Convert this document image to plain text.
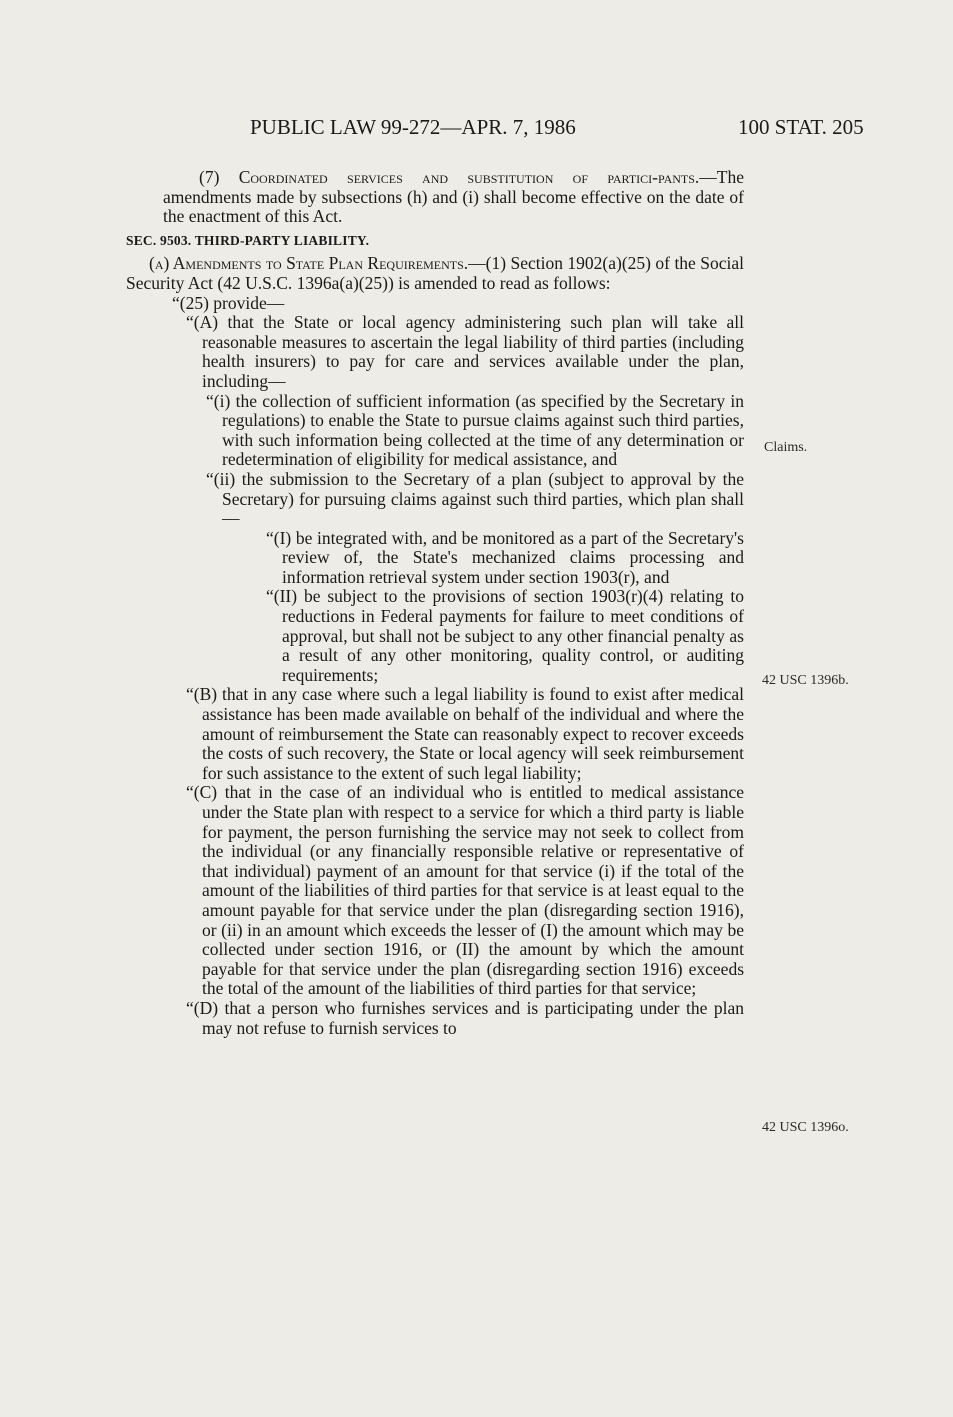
PUBLIC LAW 99-272—APR. 7, 1986	100 STAT. 205

(7) Coordinated services and substitution of partici-pants.—The amendments made by subsections (h) and (i) shall become effective on the date of the enactment of this Act.

SEC. 9503. THIRD-PARTY LIABILITY.

(a) Amendments to State Plan Requirements.—(1) Section 1902(a)(25) of the Social Security Act (42 U.S.C. 1396a(a)(25)) is amended to read as follows:

“(25) provide—

“(A) that the State or local agency administering such plan will take all reasonable measures to ascertain the legal liability of third parties (including health insurers) to pay for care and services available under the plan, including—

“(i) the collection of sufficient information (as specified by the Secretary in regulations) to enable the State to pursue claims against such third parties, with such information being collected at the time of any determination or redetermination of eligibility for medical assistance, and

“(ii) the submission to the Secretary of a plan (subject to approval by the Secretary) for pursuing claims against such third parties, which plan shall—

“(I) be integrated with, and be monitored as a part of the Secretary's review of, the State's mechanized claims processing and information retrieval system under section 1903(r), and

“(II) be subject to the provisions of section 1903(r)(4) relating to reductions in Federal payments for failure to meet conditions of approval, but shall not be subject to any other financial penalty as a result of any other monitoring, quality control, or auditing requirements;

“(B) that in any case where such a legal liability is found to exist after medical assistance has been made available on behalf of the individual and where the amount of reimbursement the State can reasonably expect to recover exceeds the costs of such recovery, the State or local agency will seek reimbursement for such assistance to the extent of such legal liability;

“(C) that in the case of an individual who is entitled to medical assistance under the State plan with respect to a service for which a third party is liable for payment, the person furnishing the service may not seek to collect from the individual (or any financially responsible relative or representative of that individual) payment of an amount for that service (i) if the total of the amount of the liabilities of third parties for that service is at least equal to the amount payable for that service under the plan (disregarding section 1916), or (ii) in an amount which exceeds the lesser of (I) the amount which may be collected under section 1916, or (II) the amount by which the amount payable for that service under the plan (disregarding section 1916) exceeds the total of the amount of the liabilities of third parties for that service;

“(D) that a person who furnishes services and is participating under the plan may not refuse to furnish services to

Claims.
42 USC 1396b.
42 USC 1396o.
